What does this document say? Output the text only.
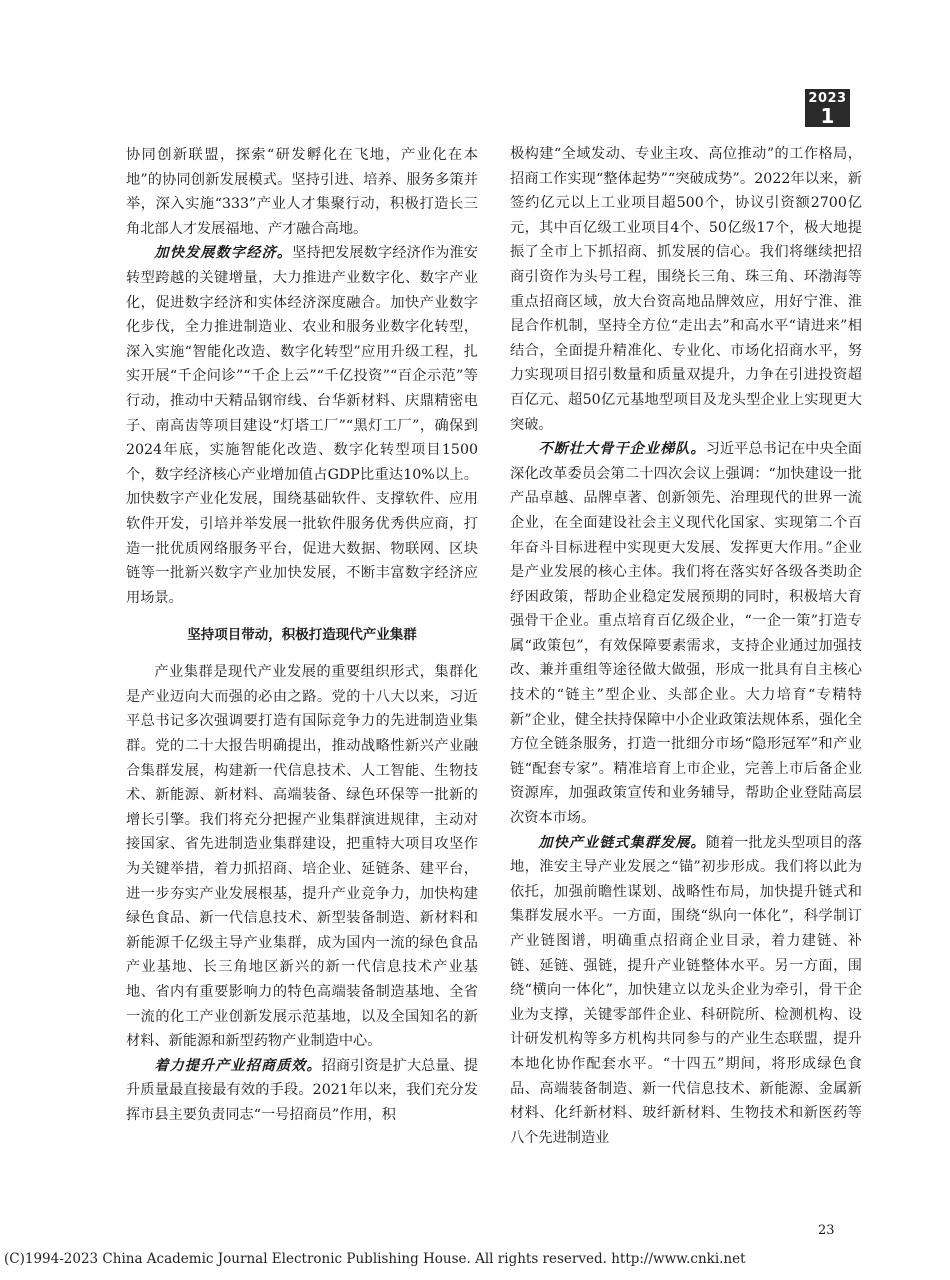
2023
1

协同创新联盟，探索“研发孵化在飞地，产业化在本地”的协同创新发展模式。坚持引进、培养、服务多策并举，深入实施“333”产业人才集聚行动，积极打造长三角北部人才发展福地、产才融合高地。

加快发展数字经济。坚持把发展数字经济作为淮安转型跨越的关键增量，大力推进产业数字化、数字产业化，促进数字经济和实体经济深度融合。加快产业数字化步伐，全力推进制造业、农业和服务业数字化转型，深入实施“智能化改造、数字化转型”应用升级工程，扎实开展“千企问诊”“千企上云”“千亿投资”“百企示范”等行动，推动中天精品钢帘线、台华新材料、庆鼎精密电子、南高齿等项目建设“灯塔工厂”“黑灯工厂”，确保到2024年底，实施智能化改造、数字化转型项目1500个，数字经济核心产业增加值占GDP比重达10%以上。加快数字产业化发展，围绕基础软件、支撑软件、应用软件开发，引培并举发展一批软件服务优秀供应商，打造一批优质网络服务平台，促进大数据、物联网、区块链等一批新兴数字产业加快发展，不断丰富数字经济应用场景。

坚持项目带动，积极打造现代产业集群

产业集群是现代产业发展的重要组织形式，集群化是产业迈向大而强的必由之路。党的十八大以来，习近平总书记多次强调要打造有国际竞争力的先进制造业集群。党的二十大报告明确提出，推动战略性新兴产业融合集群发展，构建新一代信息技术、人工智能、生物技术、新能源、新材料、高端装备、绿色环保等一批新的增长引擎。我们将充分把握产业集群演进规律，主动对接国家、省先进制造业集群建设，把重特大项目攻坚作为关键举措，着力抓招商、培企业、延链条、建平台，进一步夯实产业发展根基，提升产业竞争力，加快构建绿色食品、新一代信息技术、新型装备制造、新材料和新能源千亿级主导产业集群，成为国内一流的绿色食品产业基地、长三角地区新兴的新一代信息技术产业基地、省内有重要影响力的特色高端装备制造基地、全省一流的化工产业创新发展示范基地，以及全国知名的新材料、新能源和新型药物产业制造中心。

着力提升产业招商质效。招商引资是扩大总量、提升质量最直接最有效的手段。2021年以来，我们充分发挥市县主要负责同志“一号招商员”作用，积

极构建“全域发动、专业主攻、高位推动”的工作格局，招商工作实现“整体起势”“突破成势”。2022年以来，新签约亿元以上工业项目超500个，协议引资额2700亿元，其中百亿级工业项目4个、50亿级17个，极大地提振了全市上下抓招商、抓发展的信心。我们将继续把招商引资作为头号工程，围绕长三角、珠三角、环渤海等重点招商区域，放大台资高地品牌效应，用好宁淮、淮昆合作机制，坚持全方位“走出去”和高水平“请进来”相结合，全面提升精准化、专业化、市场化招商水平，努力实现项目招引数量和质量双提升，力争在引进投资超百亿元、超50亿元基地型项目及龙头型企业上实现更大突破。

不断壮大骨干企业梯队。习近平总书记在中央全面深化改革委员会第二十四次会议上强调：“加快建设一批产品卓越、品牌卓著、创新领先、治理现代的世界一流企业，在全面建设社会主义现代化国家、实现第二个百年奋斗目标进程中实现更大发展、发挥更大作用。”企业是产业发展的核心主体。我们将在落实好各级各类助企纾困政策，帮助企业稳定发展预期的同时，积极培大育强骨干企业。重点培育百亿级企业，“一企一策”打造专属“政策包”，有效保障要素需求，支持企业通过加强技改、兼并重组等途径做大做强，形成一批具有自主核心技术的“链主”型企业、头部企业。大力培育“专精特新”企业，健全扶持保障中小企业政策法规体系，强化全方位全链条服务，打造一批细分市场“隐形冠军”和产业链“配套专家”。精准培育上市企业，完善上市后备企业资源库，加强政策宣传和业务辅导，帮助企业登陆高层次资本市场。

加快产业链式集群发展。随着一批龙头型项目的落地，淮安主导产业发展之“锚”初步形成。我们将以此为依托，加强前瞻性谋划、战略性布局，加快提升链式和集群发展水平。一方面，围绕“纵向一体化”，科学制订产业链图谱，明确重点招商企业目录，着力建链、补链、延链、强链，提升产业链整体水平。另一方面，围绕“横向一体化”，加快建立以龙头企业为牵引，骨干企业为支撑，关键零部件企业、科研院所、检测机构、设计研发机构等多方机构共同参与的产业生态联盟，提升本地化协作配套水平。“十四五”期间，将形成绿色食品、高端装备制造、新一代信息技术、新能源、金属新材料、化纤新材料、玻纤新材料、生物技术和新医药等八个先进制造业

23
(C)1994-2023 China Academic Journal Electronic Publishing House. All rights reserved. http://www.cnki.net
